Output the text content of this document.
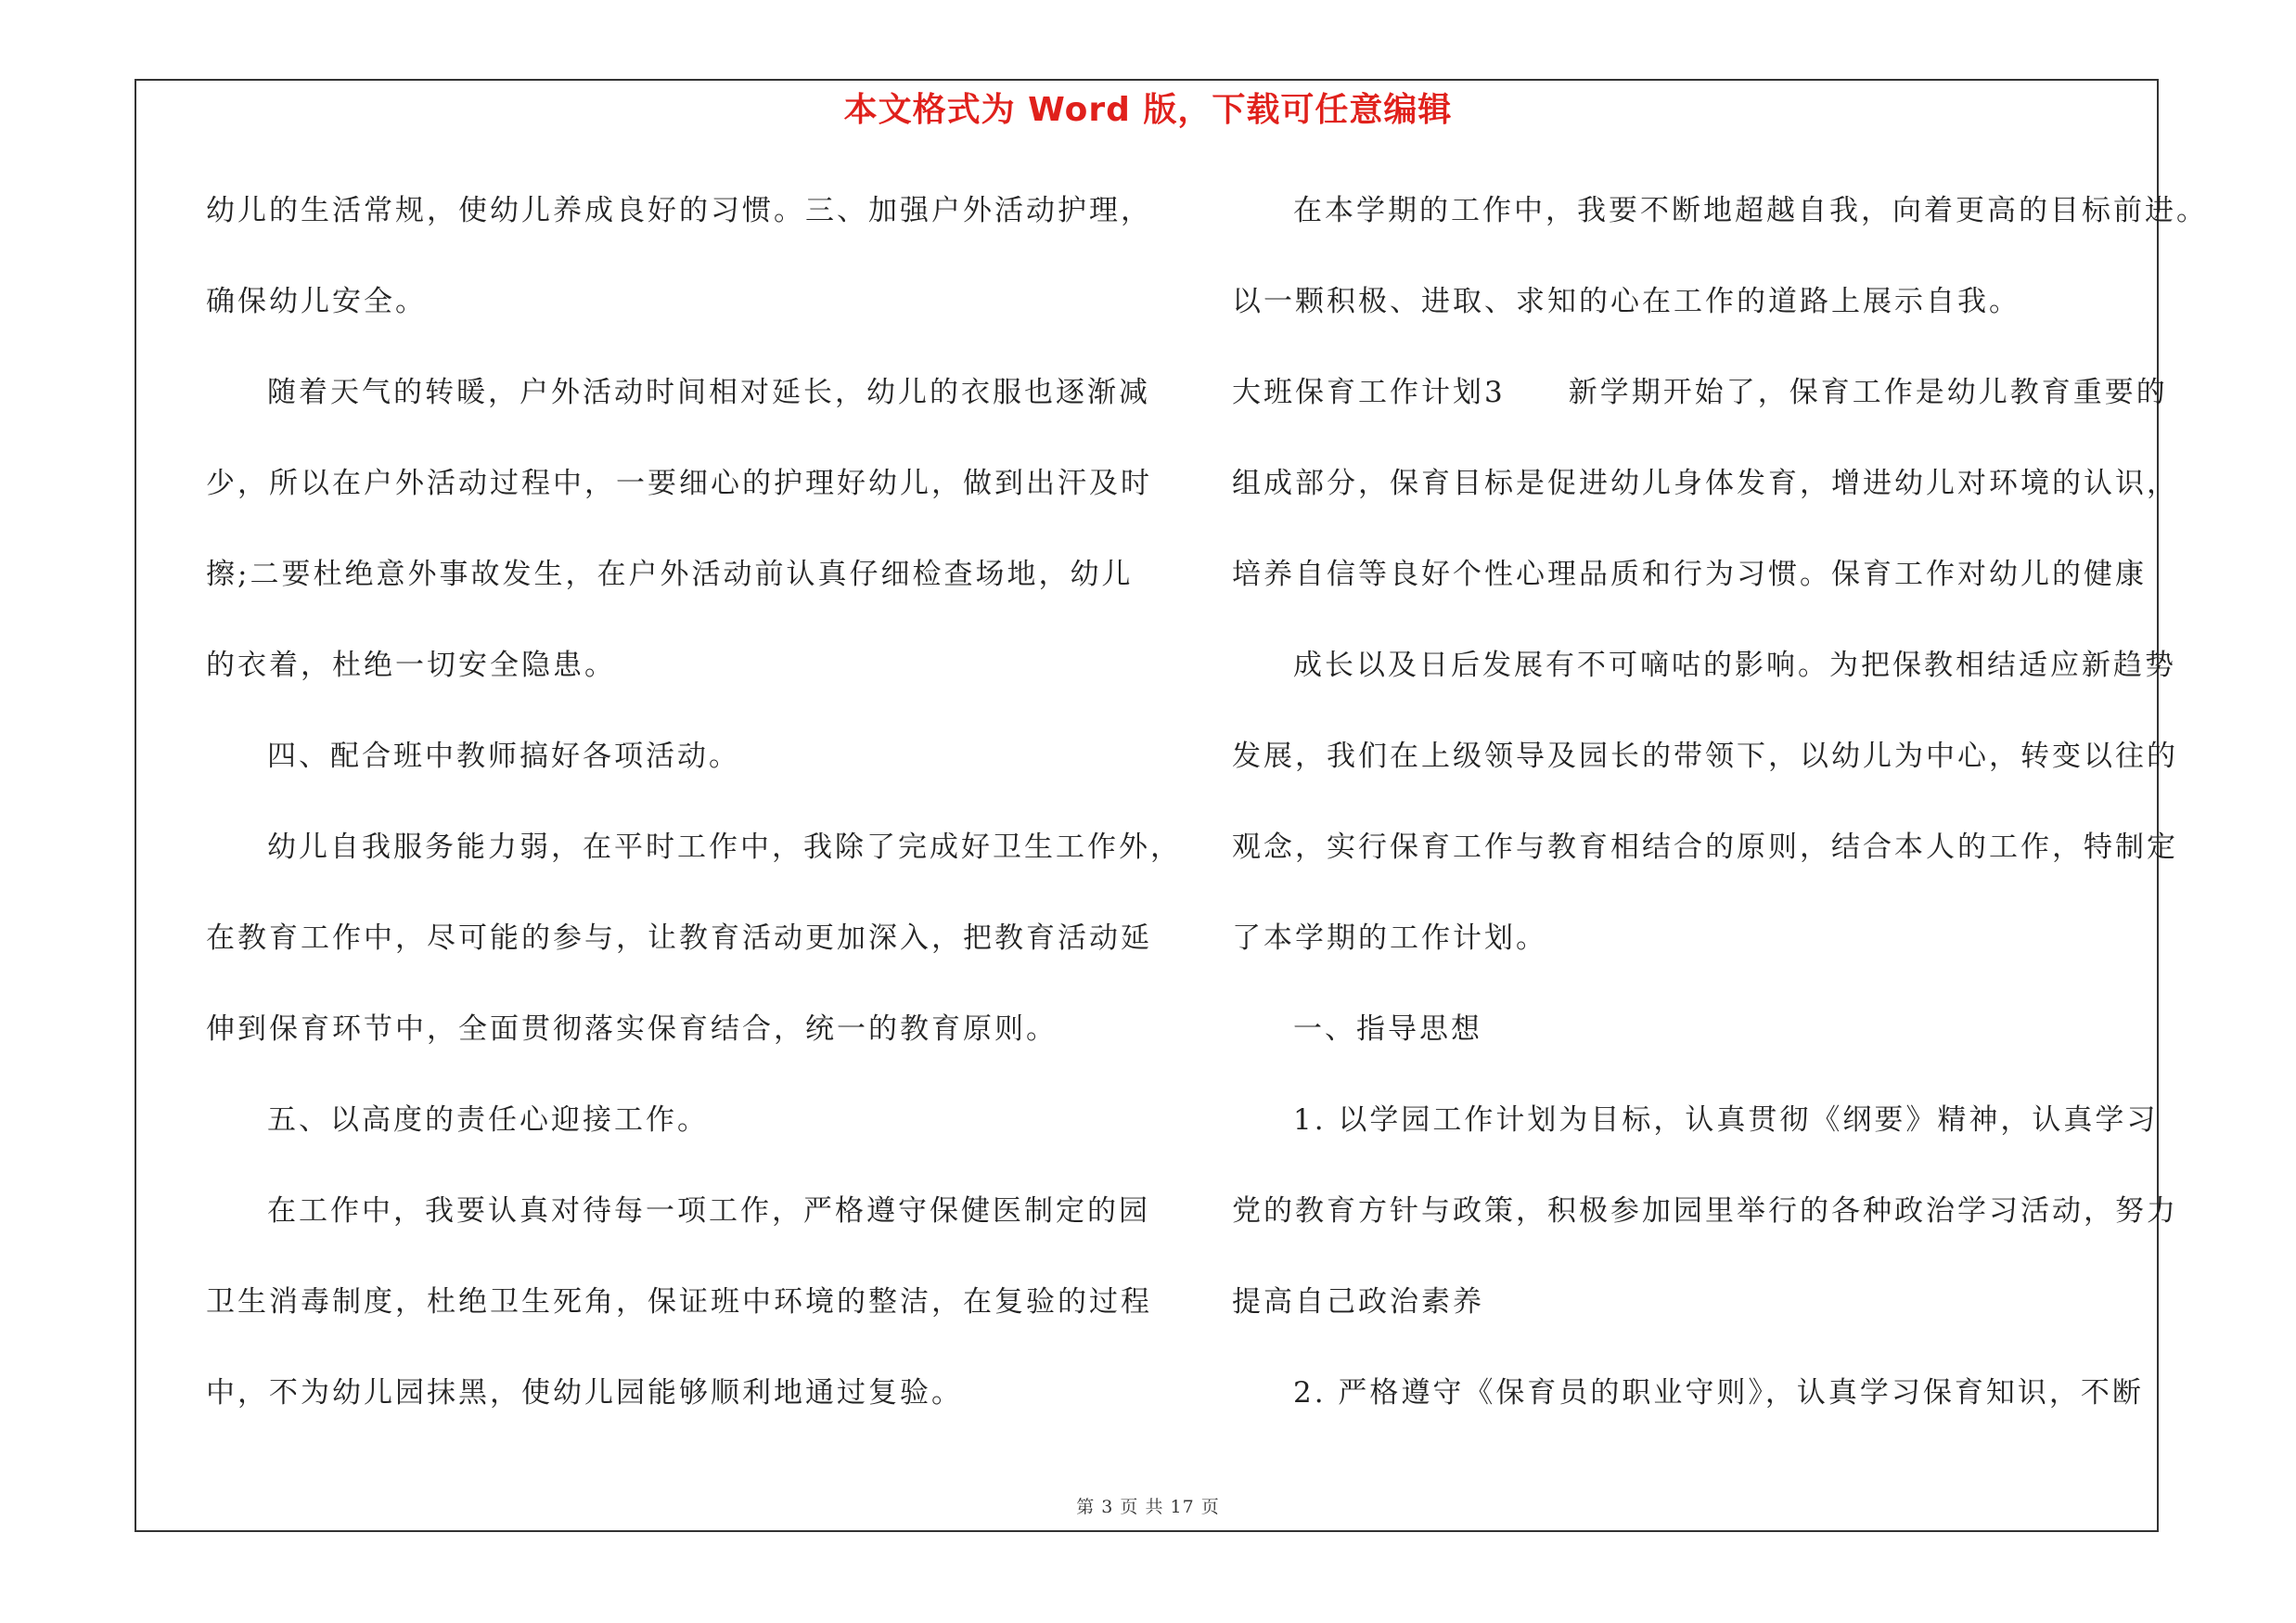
本文格式为 Word 版，下载可任意编辑
幼儿的生活常规，使幼儿养成良好的习惯。三、加强户外活动护理，
确保幼儿安全。
随着天气的转暖，户外活动时间相对延长，幼儿的衣服也逐渐减
少，所以在户外活动过程中，一要细心的护理好幼儿，做到出汗及时
擦;二要杜绝意外事故发生，在户外活动前认真仔细检查场地，幼儿
的衣着，杜绝一切安全隐患。
四、配合班中教师搞好各项活动。
幼儿自我服务能力弱，在平时工作中，我除了完成好卫生工作外，
在教育工作中，尽可能的参与，让教育活动更加深入，把教育活动延
伸到保育环节中，全面贯彻落实保育结合，统一的教育原则。
五、以高度的责任心迎接工作。
在工作中，我要认真对待每一项工作，严格遵守保健医制定的园
卫生消毒制度，杜绝卫生死角，保证班中环境的整洁，在复验的过程
中，不为幼儿园抹黑，使幼儿园能够顺利地通过复验。
在本学期的工作中，我要不断地超越自我，向着更高的目标前进。
以一颗积极、进取、求知的心在工作的道路上展示自我。
大班保育工作计划3　　新学期开始了，保育工作是幼儿教育重要的
组成部分，保育目标是促进幼儿身体发育，增进幼儿对环境的认识，
培养自信等良好个性心理品质和行为习惯。保育工作对幼儿的健康
成长以及日后发展有不可嘀咕的影响。为把保教相结适应新趋势
发展，我们在上级领导及园长的带领下，以幼儿为中心，转变以往的
观念，实行保育工作与教育相结合的原则，结合本人的工作，特制定
了本学期的工作计划。
一、指导思想
1. 以学园工作计划为目标，认真贯彻《纲要》精神，认真学习
党的教育方针与政策，积极参加园里举行的各种政治学习活动，努力
提高自己政治素养
2. 严格遵守《保育员的职业守则》，认真学习保育知识，不断
第 3 页 共 17 页
